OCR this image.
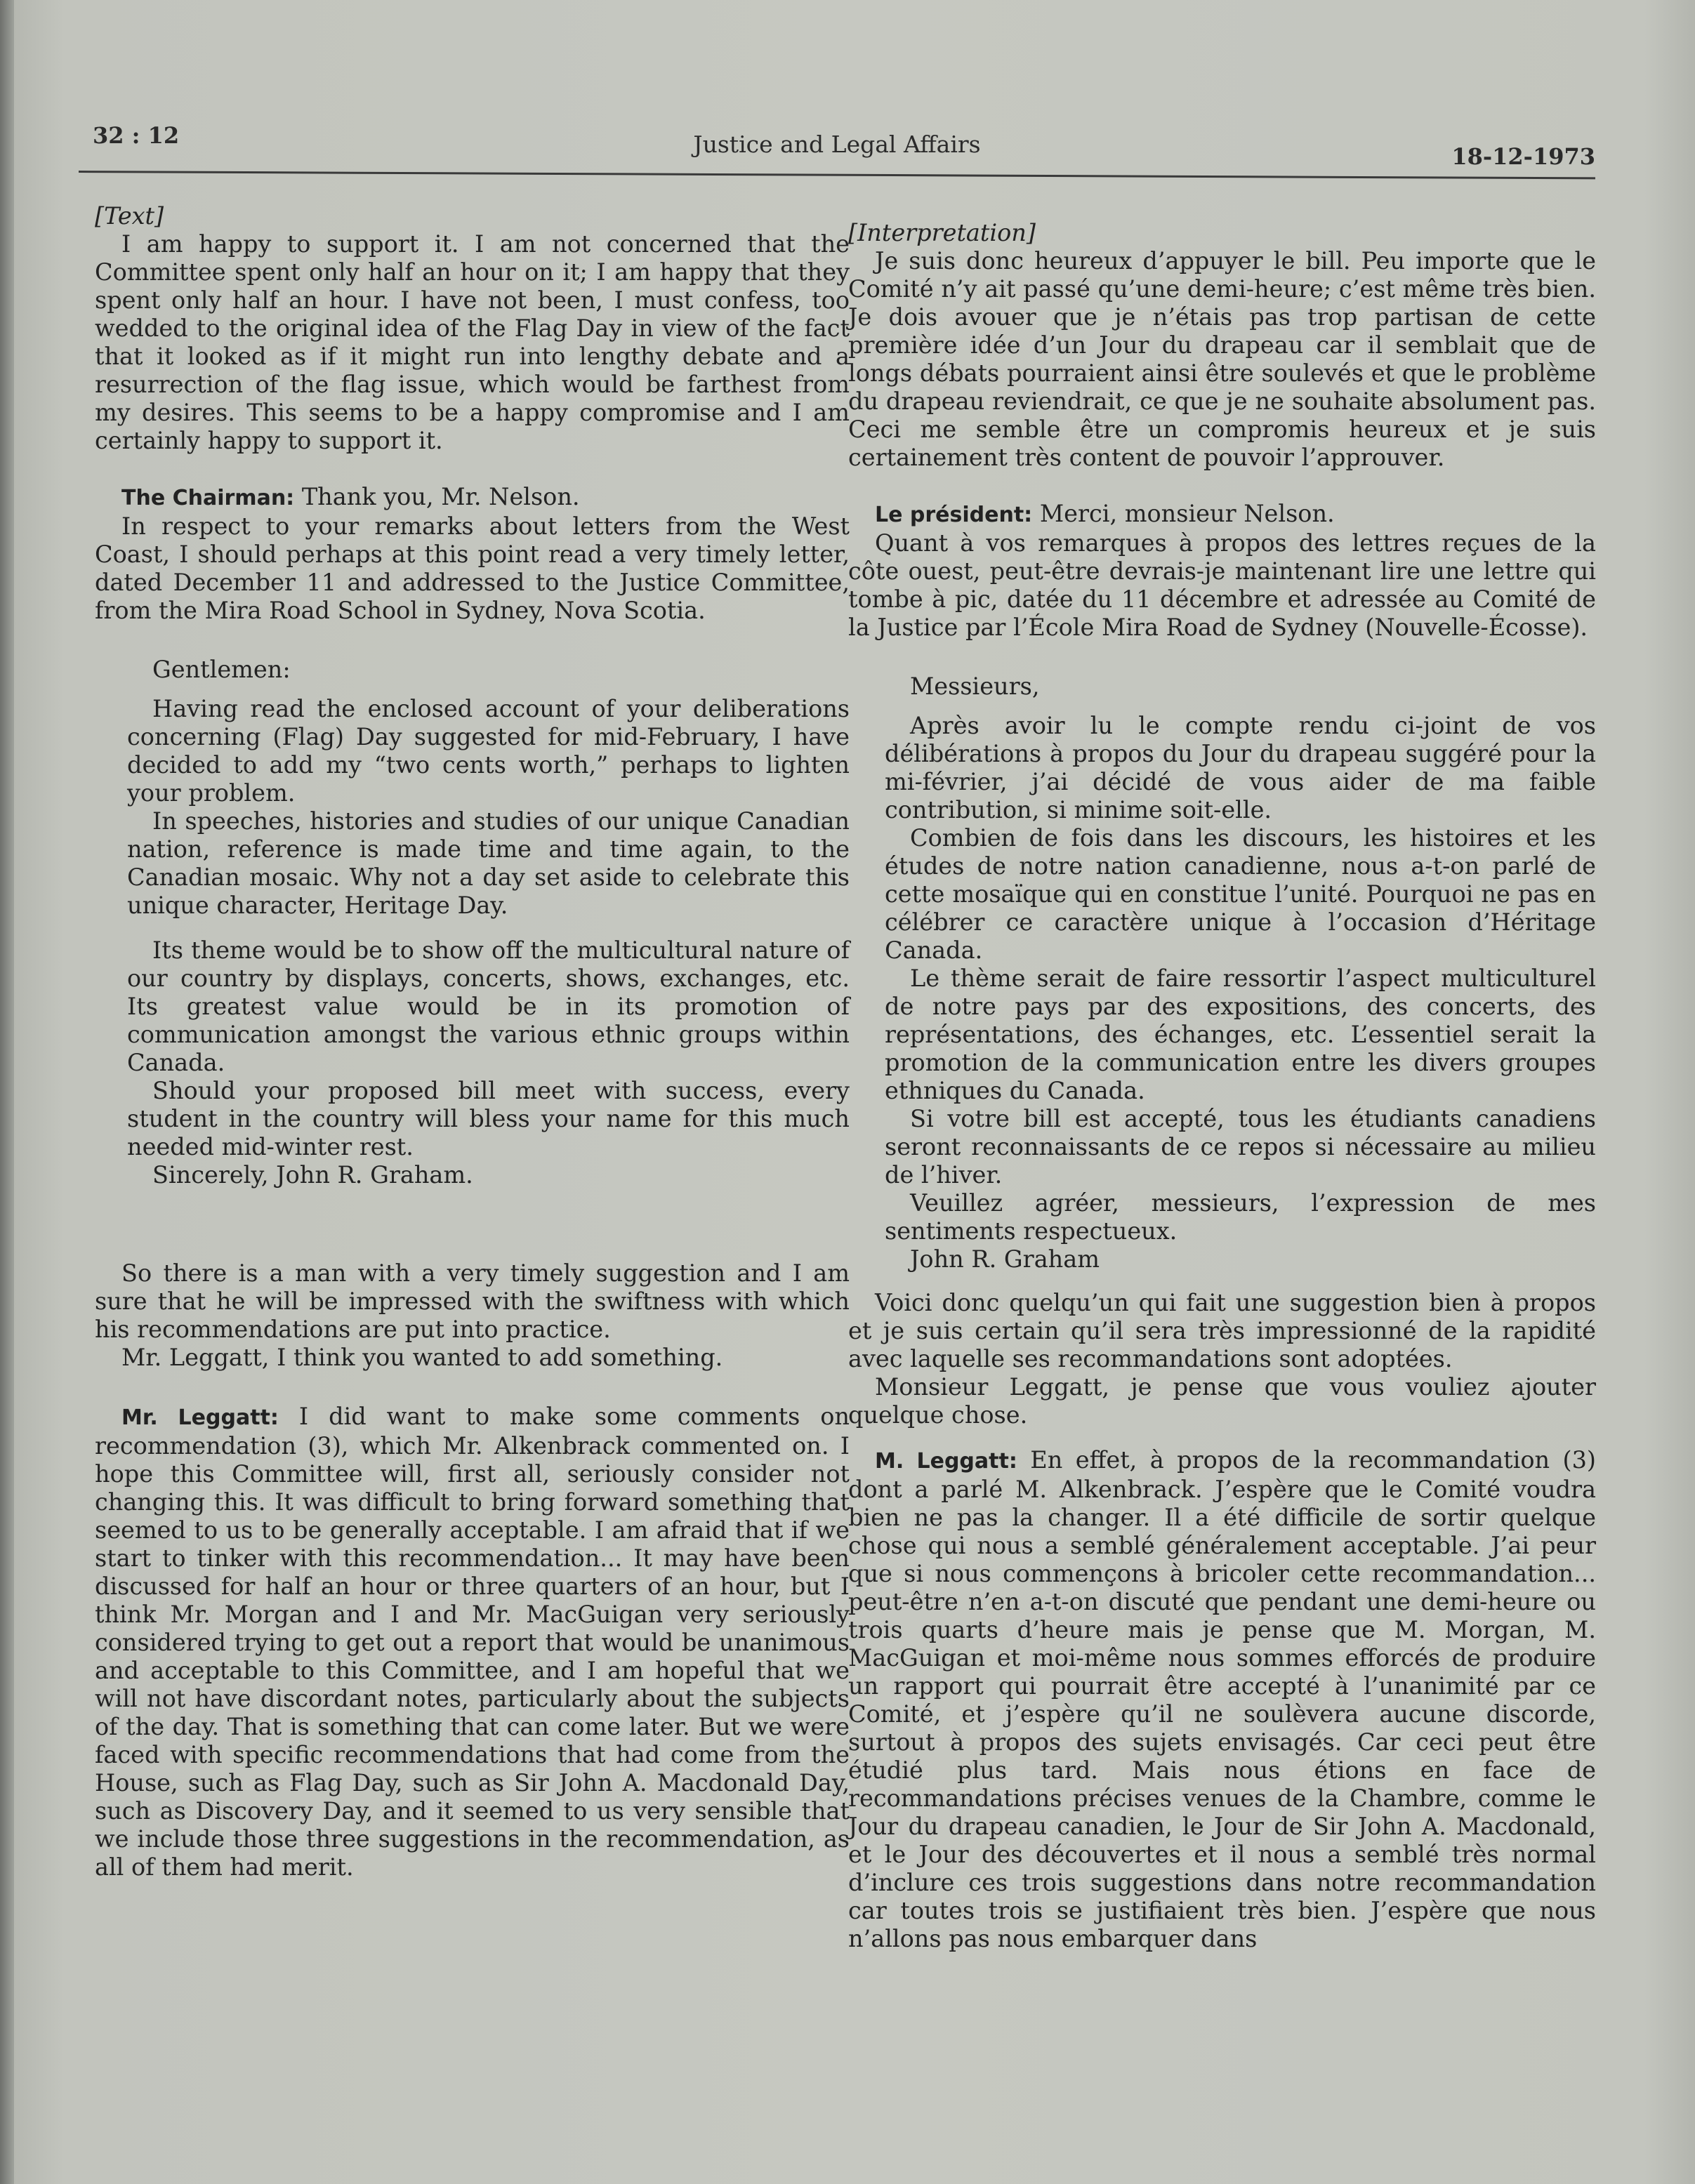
32 : 12	Justice and Legal Affairs	18-12-1973

[Text]

I am happy to support it. I am not concerned that the Committee spent only half an hour on it; I am happy that they spent only half an hour. I have not been, I must confess, too wedded to the original idea of the Flag Day in view of the fact that it looked as if it might run into lengthy debate and a resurrection of the flag issue, which would be farthest from my desires. This seems to be a happy compromise and I am certainly happy to support it.

The Chairman: Thank you, Mr. Nelson.

In respect to your remarks about letters from the West Coast, I should perhaps at this point read a very timely letter, dated December 11 and addressed to the Justice Committee, from the Mira Road School in Sydney, Nova Scotia.

Gentlemen:

Having read the enclosed account of your deliberations concerning (Flag) Day suggested for mid-February, I have decided to add my “two cents worth,” perhaps to lighten your problem.

In speeches, histories and studies of our unique Canadian nation, reference is made time and time again, to the Canadian mosaic. Why not a day set aside to celebrate this unique character, Heritage Day.

Its theme would be to show off the multicultural nature of our country by displays, concerts, shows, exchanges, etc. Its greatest value would be in its promotion of communication amongst the various ethnic groups within Canada.

Should your proposed bill meet with success, every student in the country will bless your name for this much needed mid-winter rest.

Sincerely, John R. Graham.

So there is a man with a very timely suggestion and I am sure that he will be impressed with the swiftness with which his recommendations are put into practice.

Mr. Leggatt, I think you wanted to add something.

Mr. Leggatt: I did want to make some comments on recommendation (3), which Mr. Alkenbrack commented on. I hope this Committee will, first all, seriously consider not changing this. It was difficult to bring forward something that seemed to us to be generally acceptable. I am afraid that if we start to tinker with this recommendation... It may have been discussed for half an hour or three quarters of an hour, but I think Mr. Morgan and I and Mr. MacGuigan very seriously considered trying to get out a report that would be unanimous and acceptable to this Committee, and I am hopeful that we will not have discordant notes, particularly about the subjects of the day. That is something that can come later. But we were faced with specific recommendations that had come from the House, such as Flag Day, such as Sir John A. Macdonald Day, such as Discovery Day, and it seemed to us very sensible that we include those three suggestions in the recommendation, as all of them had merit.

[Interpretation]

Je suis donc heureux d’appuyer le bill. Peu importe que le Comité n’y ait passé qu’une demi-heure; c’est même très bien. Je dois avouer que je n’étais pas trop partisan de cette première idée d’un Jour du drapeau car il semblait que de longs débats pourraient ainsi être soulevés et que le problème du drapeau reviendrait, ce que je ne souhaite absolument pas. Ceci me semble être un compromis heureux et je suis certainement très content de pouvoir l’approuver.

Le président: Merci, monsieur Nelson.

Quant à vos remarques à propos des lettres reçues de la côte ouest, peut-être devrais-je maintenant lire une lettre qui tombe à pic, datée du 11 décembre et adressée au Comité de la Justice par l’École Mira Road de Sydney (Nouvelle-Écosse).

Messieurs,

Après avoir lu le compte rendu ci-joint de vos délibérations à propos du Jour du drapeau suggéré pour la mi-février, j’ai décidé de vous aider de ma faible contribution, si minime soit-elle.

Combien de fois dans les discours, les histoires et les études de notre nation canadienne, nous a-t-on parlé de cette mosaïque qui en constitue l’unité. Pourquoi ne pas en célébrer ce caractère unique à l’occasion d’Héritage Canada.

Le thème serait de faire ressortir l’aspect multiculturel de notre pays par des expositions, des concerts, des représentations, des échanges, etc. L’essentiel serait la promotion de la communication entre les divers groupes ethniques du Canada.

Si votre bill est accepté, tous les étudiants canadiens seront reconnaissants de ce repos si nécessaire au milieu de l’hiver.

Veuillez agréer, messieurs, l’expression de mes sentiments respectueux.

John R. Graham

Voici donc quelqu’un qui fait une suggestion bien à propos et je suis certain qu’il sera très impressionné de la rapidité avec laquelle ses recommandations sont adoptées.

Monsieur Leggatt, je pense que vous vouliez ajouter quelque chose.

M. Leggatt: En effet, à propos de la recommandation (3) dont a parlé M. Alkenbrack. J’espère que le Comité voudra bien ne pas la changer. Il a été difficile de sortir quelque chose qui nous a semblé généralement acceptable. J’ai peur que si nous commençons à bricoler cette recommandation... peut-être n’en a-t-on discuté que pendant une demi-heure ou trois quarts d’heure mais je pense que M. Morgan, M. MacGuigan et moi-même nous sommes efforcés de produire un rapport qui pourrait être accepté à l’unanimité par ce Comité, et j’espère qu’il ne soulèvera aucune discorde, surtout à propos des sujets envisagés. Car ceci peut être étudié plus tard. Mais nous étions en face de recommandations précises venues de la Chambre, comme le Jour du drapeau canadien, le Jour de Sir John A. Macdonald, et le Jour des découvertes et il nous a semblé très normal d’inclure ces trois suggestions dans notre recommandation car toutes trois se justifiaient très bien. J’espère que nous n’allons pas nous embarquer dans
